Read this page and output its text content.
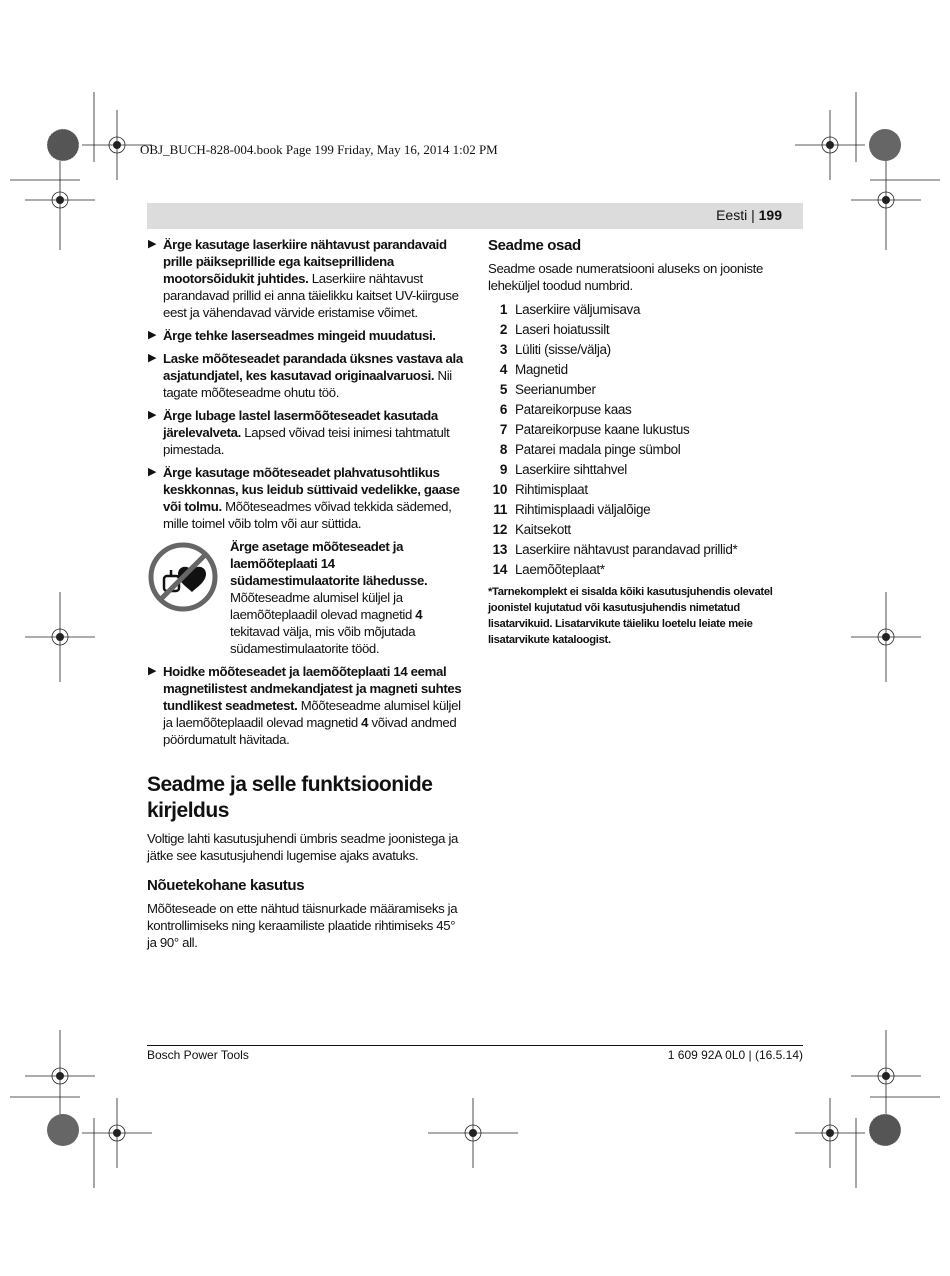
OBJ_BUCH-828-004.book Page 199 Friday, May 16, 2014 1:02 PM
Eesti | 199
▶ Ärge kasutage laserkiire nähtavust parandavaid prille päikseprillide ega kaitseprillidena mootorsõidukit juhtides. Laserkiire nähtavust parandavad prillid ei anna täielikku kaitset UV-kiirguse eest ja vähendavad värvide eristamise võimet.
▶ Ärge tehke laserseadmes mingeid muudatusi.
▶ Laske mõõteseadet parandada üksnes vastava ala asjatundjatel, kes kasutavad originaalvaruosi. Nii tagate mõõteseadme ohutu töö.
▶ Ärge lubage lastel lasermõõteseadet kasutada järelevalveta. Lapsed võivad teisi inimesi tahtmatult pimestada.
▶ Ärge kasutage mõõteseadet plahvatusohtlikus keskkonnas, kus leidub süttivaid vedelikke, gaase või tolmu. Mõõteseadmes võivad tekkida sädemed, mille toimel võib tolm või aur süttida.
Ärge asetage mõõteseadet ja laemõõteplaati 14 südamestimulaatorite lähedusse. Mõõteseadme alumisel küljel ja laemõõteplaadil olevad magnetid 4 tekitavad välja, mis võib mõjutada südamestimulaatorite tööd.
▶ Hoidke mõõteseadet ja laemõõteplaati 14 eemal magnetilistest andmekandjatest ja magneti suhtes tundlikest seadmetest. Mõõteseadme alumisel küljel ja laemõõteplaadil olevad magnetid 4 võivad andmed pöördumatult hävitada.
Seadme ja selle funktsioonide kirjeldus

Voltige lahti kasutusjuhendi ümbris seadme joonistega ja jätke see kasutusjuhendi lugemise ajaks avatuks.

Nõuetekohane kasutus

Mõõteseade on ette nähtud täisnurkade määramiseks ja kontrollimiseks ning keraamiliste plaatide rihtimiseks 45° ja 90° all.

Seadme osad

Seadme osade numeratsiooni aluseks on jooniste leheküljel toodud numbrid.

1 Laserkiire väljumisava
2 Laseri hoiatussilt
3 Lüliti (sisse/välja)
4 Magnetid
5 Seerianumber
6 Patareikorpuse kaas
7 Patareikorpuse kaane lukustus
8 Patarei madala pinge sümbol
9 Laserkiire sihttahvel
10 Rihtimisplaat
11 Rihtimisplaadi väljalõige
12 Kaitsekott
13 Laserkiire nähtavust parandavad prillid*
14 Laemõõteplaat*
*Tarnekomplekt ei sisalda kõiki kasutusjuhendis olevatel joonistel kujutatud või kasutusjuhendis nimetatud lisatarvikuid. Lisatarvikute täieliku loetelu leiate meie lisatarvikute kataloogist.
Bosch Power Tools	1 609 92A 0L0 | (16.5.14)
